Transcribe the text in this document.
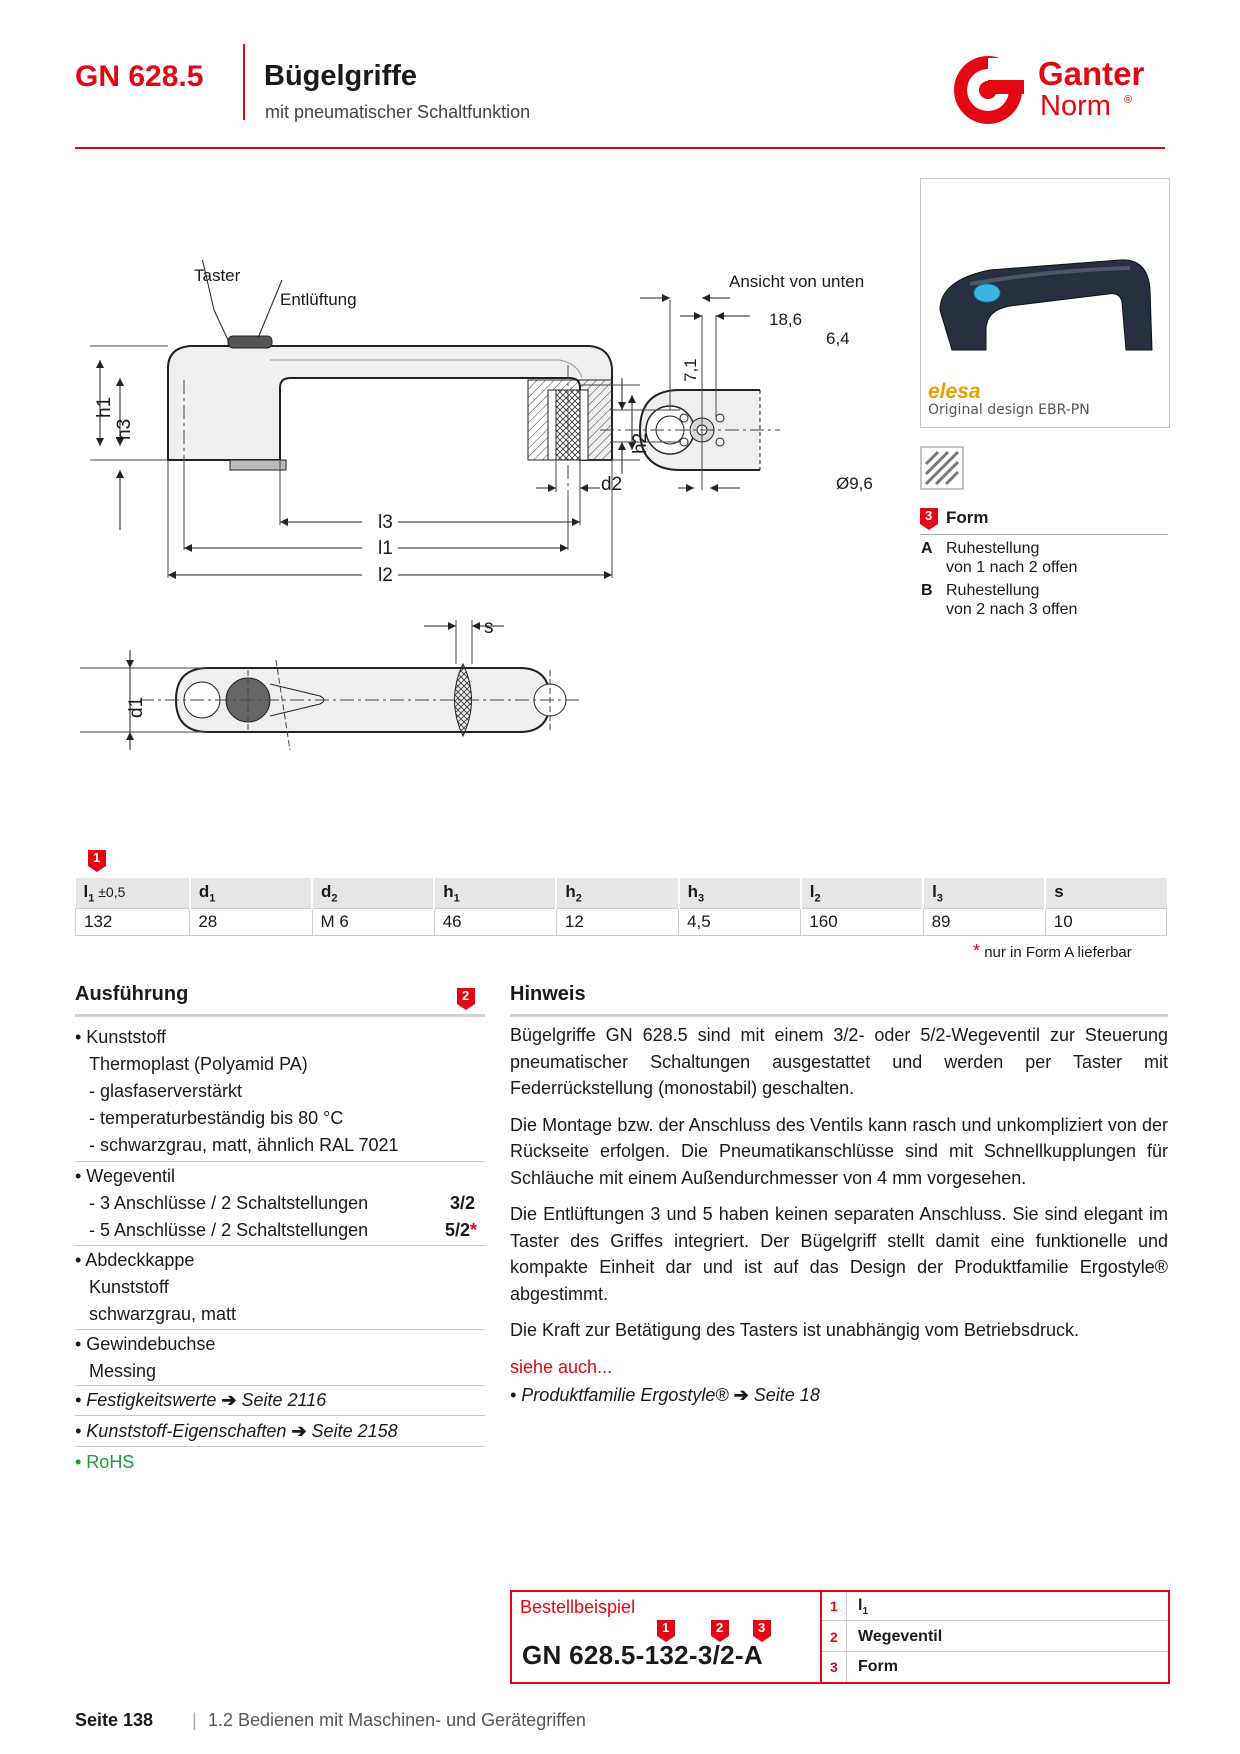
GN 628.5 Bügelgriffe
mit pneumatischer Schaltfunktion
Ganter
Norm ®
Taster
Entlüftung
Ansicht von unten
18,6
6,4
7,1
Ø9,6
h1
h3
h2
d2
l3
l1
l2
s
d1
elesa
Original design EBR-PN
3 Form
A Ruhestellung
von 1 nach 2 offen
B Ruhestellung
von 2 nach 3 offen
1
$l_1 \pm 0,5$	$d_1$	$d_2$	$h_1$	$h_2$	$h_3$	$l_2$	$l_3$	s
132	28	M 6	46	12	4,5	160	89	10
* nur in Form A lieferbar
Ausführung	2
• Kunststoff
Thermoplast (Polyamid PA)
- glasfaserverstärkt
- temperaturbeständig bis 80 °C
- schwarzgrau, matt, ähnlich RAL 7021
• Wegeventil
- 3 Anschlüsse / 2 Schaltstellungen	3/2
- 5 Anschlüsse / 2 Schaltstellungen	5/2*
• Abdeckkappe
Kunststoff
schwarzgrau, matt
• Gewindebuchse
Messing
• Festigkeitswerte ➔ Seite 2116
• Kunststoff-Eigenschaften ➔ Seite 2158
• RoHS
Hinweis

Bügelgriffe GN 628.5 sind mit einem 3/2- oder 5/2-Wegeventil zur Steuerung pneumatischer Schaltungen ausgestattet und werden per Taster mit Federrückstellung (monostabil) geschalten.

Die Montage bzw. der Anschluss des Ventils kann rasch und unkompliziert von der Rückseite erfolgen. Die Pneumatikanschlüsse sind mit Schnellkupplungen für Schläuche mit einem Außendurchmesser von 4 mm vorgesehen.

Die Entlüftungen 3 und 5 haben keinen separaten Anschluss. Sie sind elegant im Taster des Griffes integriert. Der Bügelgriff stellt damit eine funktionelle und kompakte Einheit dar und ist auf das Design der Produktfamilie Ergostyle® abgestimmt.

Die Kraft zur Betätigung des Tasters ist unabhängig vom Betriebsdruck.

siehe auch...

• Produktfamilie Ergostyle® ➔ Seite 18

Bestellbeispiel
1	2	3
GN 628.5-132-3/2-A
1 $l_1$
2 Wegeventil
3 Form
Seite 138 | 1.2 Bedienen mit Maschinen- und Gerätegriffen
